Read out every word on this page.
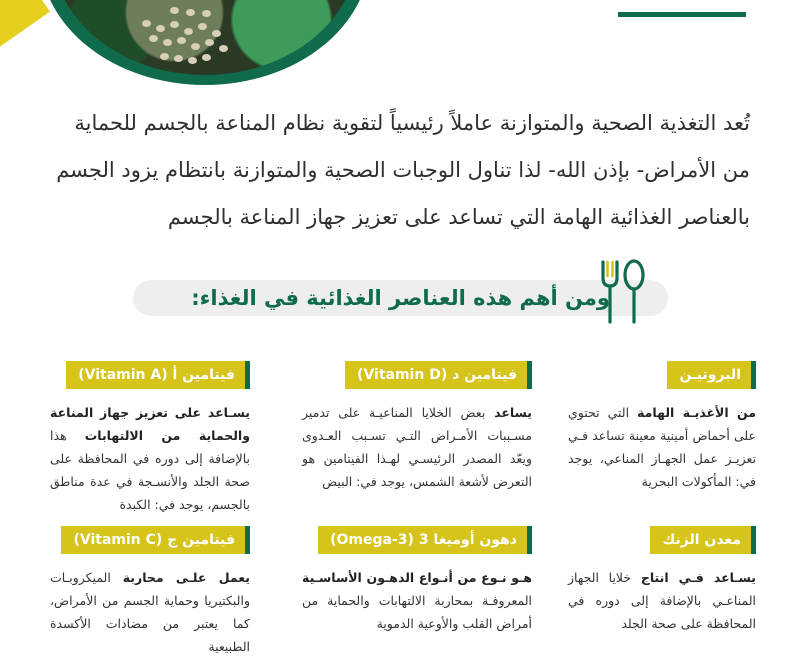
تُعد التغذية الصحية والمتوازنة عاملاً رئيسياً لتقوية نظام المناعة بالجسم للحماية

من الأمراض- بإذن الله- لذا تناول الوجبات الصحية والمتوازنة بانتظام يزود الجسم

بالعناصر الغذائية الهامة التي تساعد على تعزيز جهاز المناعة بالجسم

ومن أهم هذه العناصر الغذائية في الغذاء:
البروتيـن
من الأغذيـة الهامة التي تحتوي على أحماض أمينية معينة تساعد فـي تعزيـز عمل الجهـاز المناعي، يوجد في: المأكولات البحرية
معدن الزنك
يسـاعد فـي انتاج خلايا الجهاز المناعـي بالإضافة إلى دوره في المحافظة على صحة الجلد
فيتامين د (Vitamin D)
يساعد بعض الخلايا المناعيـة على تدمير مسـببات الأمـراض التـي تسـبب العـدوى ويعّد المصدر الرئيسـي لهـذا الفيتامين هو التعرض لأشعة الشمس، يوجد في: البيض
دهون أوميغا 3 (Omega-3)
هـو نـوع من أنـواع الدهـون الأساسـية المعروفـة بمحاربة الالتهابات والحماية من أمراض القلب والأوعية الدموية
فيتامين أ (Vitamin A)
يسـاعد على تعزيز جهاز المناعة والحماية من الالتهابات هذا بالإضافة إلى دوره في المحافظة على صحة الجلد والأنسـجة في عدة مناطق بالجسم، يوجد في: الكبدة
فيتامين ج (Vitamin C)
يعمل علـى محاربة الميكروبـات والبكتيريا وحماية الجسم من الأمراض، كما يعتبر من مضادات الأكسدة الطبيعية
